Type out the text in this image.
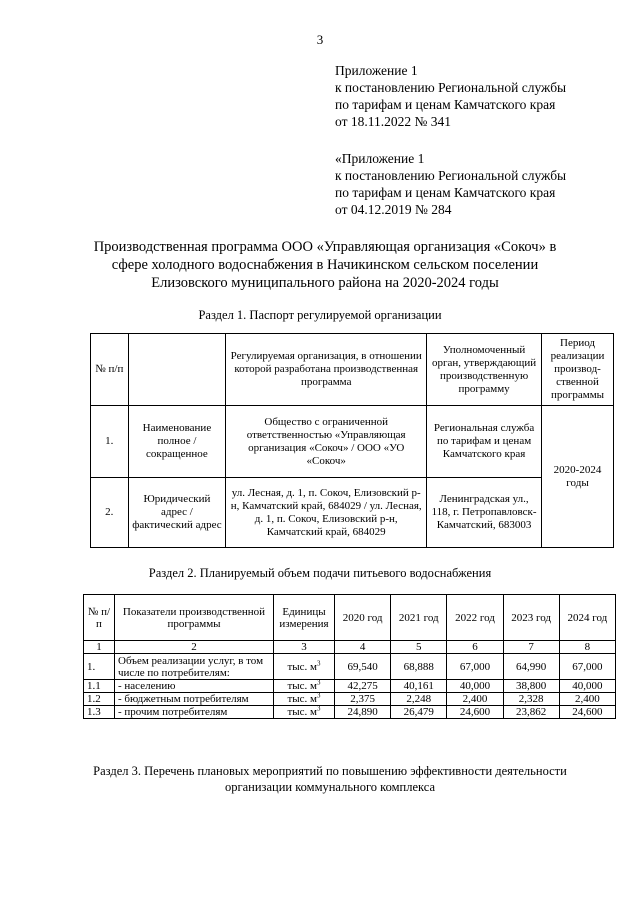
3
Приложение 1
к постановлению Региональной службы
по тарифам и ценам Камчатского края
от 18.11.2022 № 341
«Приложение 1
к постановлению Региональной службы
по тарифам и ценам Камчатского края
от 04.12.2019 № 284
Производственная программа ООО «Управляющая организация «Сокоч» в сфере холодного водоснабжения в Начикинском сельском поселении Елизовского муниципального района на 2020-2024 годы
Раздел 1. Паспорт регулируемой организации
№ п/п		Регулируемая организация, в отношении которой разработана производственная программа	Уполномоченный орган, утверждающий производственную программу	Период реализации производ-ственной программы
1.	Наименование полное / сокращенное	Общество с ограниченной ответственностью «Управляющая организация «Сокоч» / ООО «УО «Сокоч»	Региональная служба по тарифам и ценам Камчатского края	2020-2024 годы
2.	Юридический адрес / фактический адрес	ул. Лесная, д. 1, п. Сокоч, Елизовский р-н, Камчатский край, 684029 / ул. Лесная, д. 1, п. Сокоч, Елизовский р-н, Камчатский край, 684029	Ленинградская ул., 118, г. Петропавловск-Камчатский, 683003	
Раздел 2. Планируемый объем подачи питьевого водоснабжения
№ п/п	Показатели производственной программы	Единицы измерения	2020 год	2021 год	2022 год	2023 год	2024 год
1	2	3	4	5	6	7	8
1.	Объем реализации услуг, в том числе по потребителям:	тыс. $м^3$	69,540	68,888	67,000	64,990	67,000
1.1	- населению	тыс. $м^3$	42,275	40,161	40,000	38,800	40,000
1.2	- бюджетным потребителям	тыс. $м^3$	2,375	2,248	2,400	2,328	2,400
1.3	- прочим потребителям	тыс. $м^3$	24,890	26,479	24,600	23,862	24,600
Раздел 3. Перечень плановых мероприятий по повышению эффективности деятельности организации коммунального комплекса
